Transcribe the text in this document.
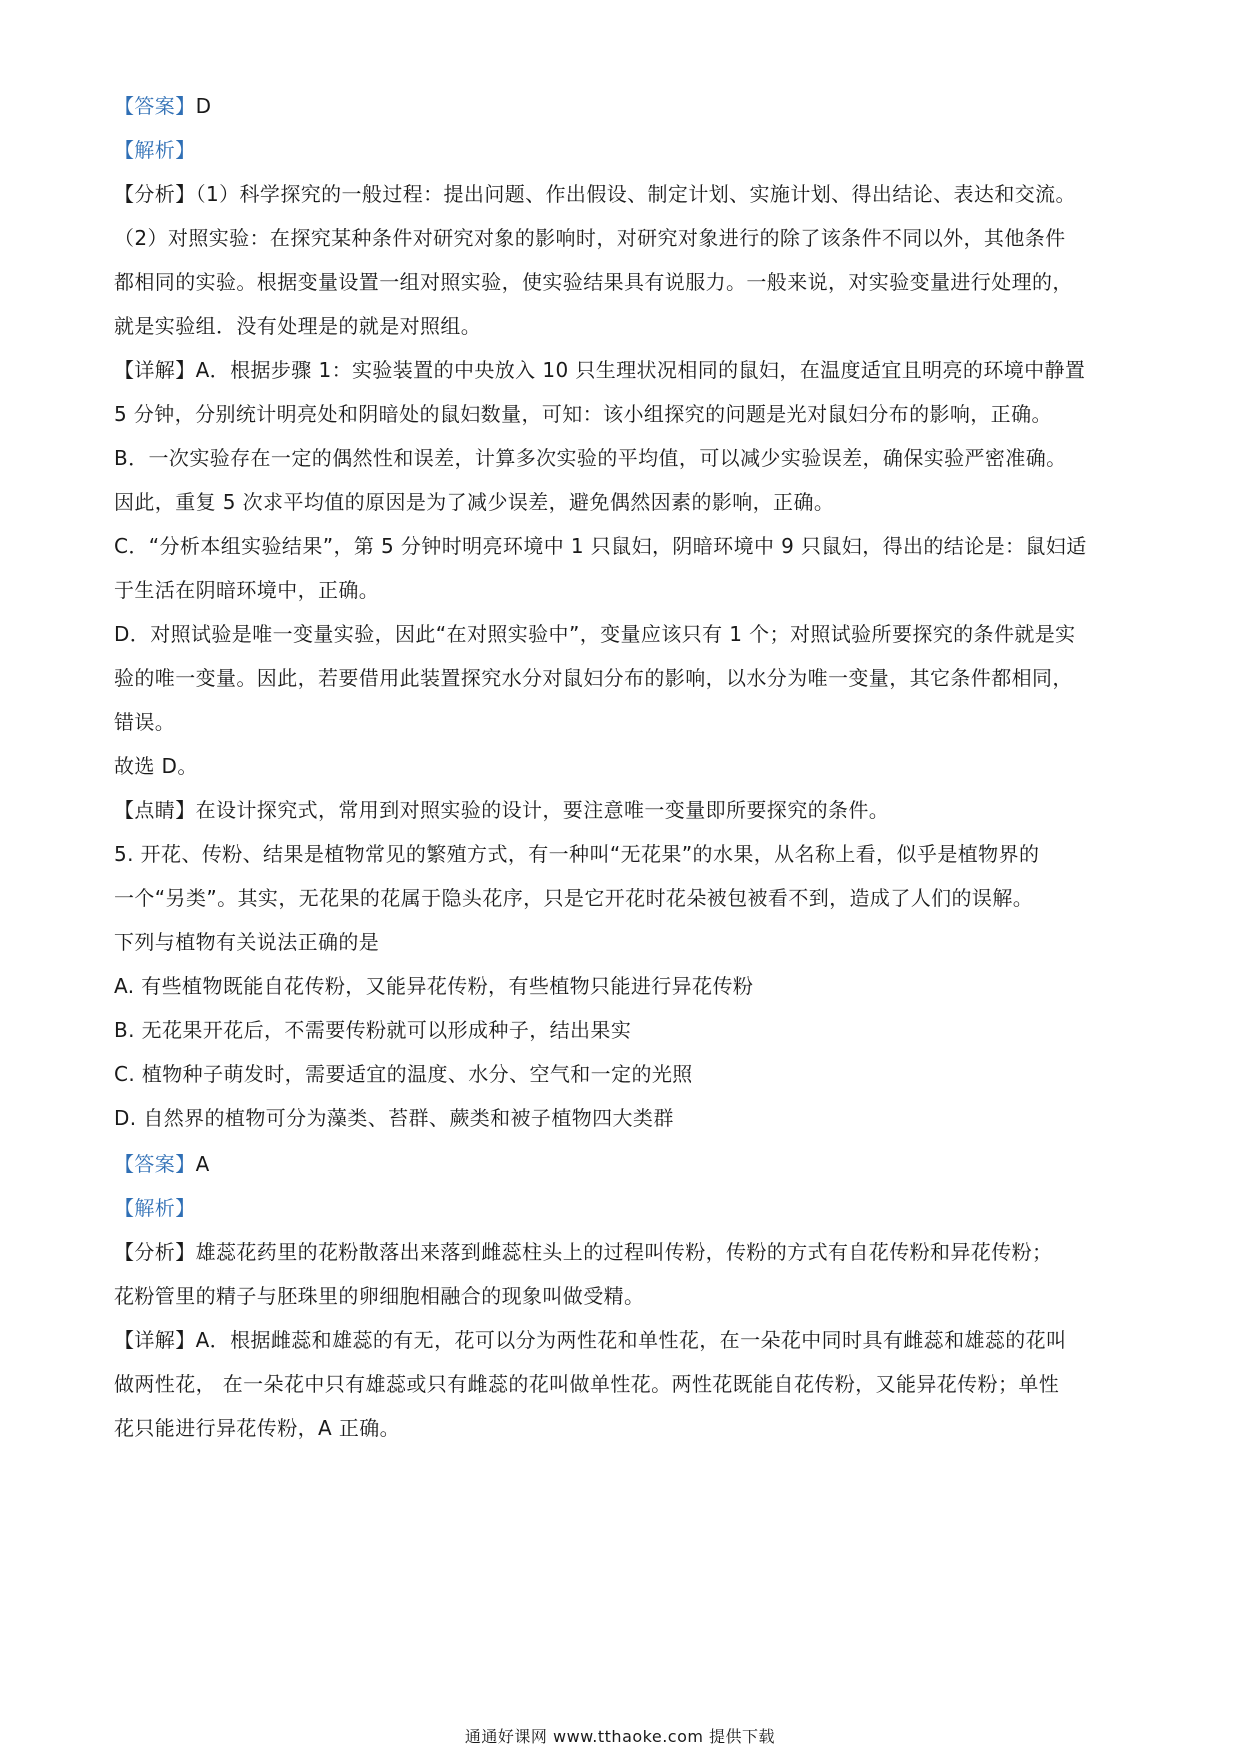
【答案】D
【解析】
【分析】（1）科学探究的一般过程：提出问题、作出假设、制定计划、实施计划、得出结论、表达和交流。
（2）对照实验：在探究某种条件对研究对象的影响时，对研究对象进行的除了该条件不同以外，其他条件
都相同的实验。根据变量设置一组对照实验，使实验结果具有说服力。一般来说，对实验变量进行处理的，
就是实验组．没有处理是的就是对照组。
【详解】A．根据步骤 1：实验装置的中央放入 10 只生理状况相同的鼠妇，在温度适宜且明亮的环境中静置
5 分钟，分别统计明亮处和阴暗处的鼠妇数量，可知：该小组探究的问题是光对鼠妇分布的影响，正确。
B．一次实验存在一定的偶然性和误差，计算多次实验的平均值，可以减少实验误差，确保实验严密准确。
因此，重复 5 次求平均值的原因是为了减少误差，避免偶然因素的影响，正确。
C．“分析本组实验结果”，第 5 分钟时明亮环境中 1 只鼠妇，阴暗环境中 9 只鼠妇，得出的结论是：鼠妇适
于生活在阴暗环境中，正确。
D．对照试验是唯一变量实验，因此“在对照实验中”，变量应该只有 1 个；对照试验所要探究的条件就是实
验的唯一变量。因此，若要借用此装置探究水分对鼠妇分布的影响，以水分为唯一变量，其它条件都相同，
错误。
故选 D。
【点睛】在设计探究式，常用到对照实验的设计，要注意唯一变量即所要探究的条件。
5. 开花、传粉、结果是植物常见的繁殖方式，有一种叫“无花果”的水果，从名称上看，似乎是植物界的
一个“另类”。其实，无花果的花属于隐头花序，只是它开花时花朵被包被看不到，造成了人们的误解。
下列与植物有关说法正确的是
A. 有些植物既能自花传粉，又能异花传粉，有些植物只能进行异花传粉
B. 无花果开花后，不需要传粉就可以形成种子，结出果实
C. 植物种子萌发时，需要适宜的温度、水分、空气和一定的光照
D. 自然界的植物可分为藻类、苔群、蕨类和被子植物四大类群
【答案】A
【解析】
【分析】雄蕊花药里的花粉散落出来落到雌蕊柱头上的过程叫传粉，传粉的方式有自花传粉和异花传粉；
花粉管里的精子与胚珠里的卵细胞相融合的现象叫做受精。
【详解】A．根据雌蕊和雄蕊的有无，花可以分为两性花和单性花，在一朵花中同时具有雌蕊和雄蕊的花叫
做两性花， 在一朵花中只有雄蕊或只有雌蕊的花叫做单性花。两性花既能自花传粉，又能异花传粉；单性
花只能进行异花传粉，A 正确。
通通好课网 www.tthaoke.com 提供下载
